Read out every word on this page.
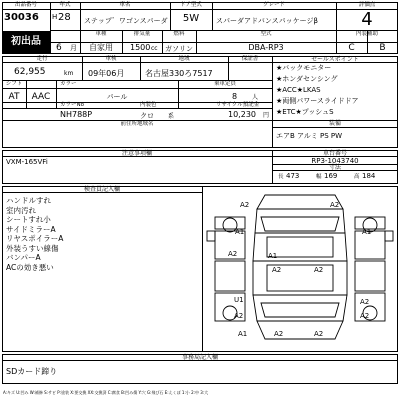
出品番号	年式	車名	ドア型式	グレード	評価点
30036 H 28 ステップ゛ワゴンスパーダ	5W	スパーダアドバンスパッケージβ	4
初出品
6 月
車種
自家用
排気量
1500 cc
燃料
ガソリン
型式
DBA-RP3
内装補助
C	B
走行	車検	地域	保証書	セールスポイント
62,955	km 09年06月	名古屋330ろ7517
シフト
AT	AAC
カラー
パール
乗車定員
8 人
カラーNo	内装色	リサイクル預託金
NH788P	クロ 系	10,230 円
★バックモニター
★ホンダセンシング
★ACC★LKAS
★両側パワースライドドア
★ETC★プッシュS
前住所地域名	装備
エアB アルミ PS PW
注意事項欄	車台番号
VXM-165VFi	RP3-1043740
寸法
長 473	幅 169	高 184
検査員記入欄
ハンドルすれ
室内汚れ
シートすれ小
サイドミラーA
リヤスポイラーA
外装うすい線傷
バンパーA
ACの効き悪い
A2	A2
A1	A1
A2	A1
A2	A2
U1
A2
A2	A2
A1
A2
A2
事務局記入欄
SDカード蹄り
A:キズ U:凹み W:補修 S:サビ P:塗装 X:要交換 XX:交換済 C:腐食 B:凹み傷 Y:穴 G:飛び石 E:えくぼ 1:小 2:中 3:大
